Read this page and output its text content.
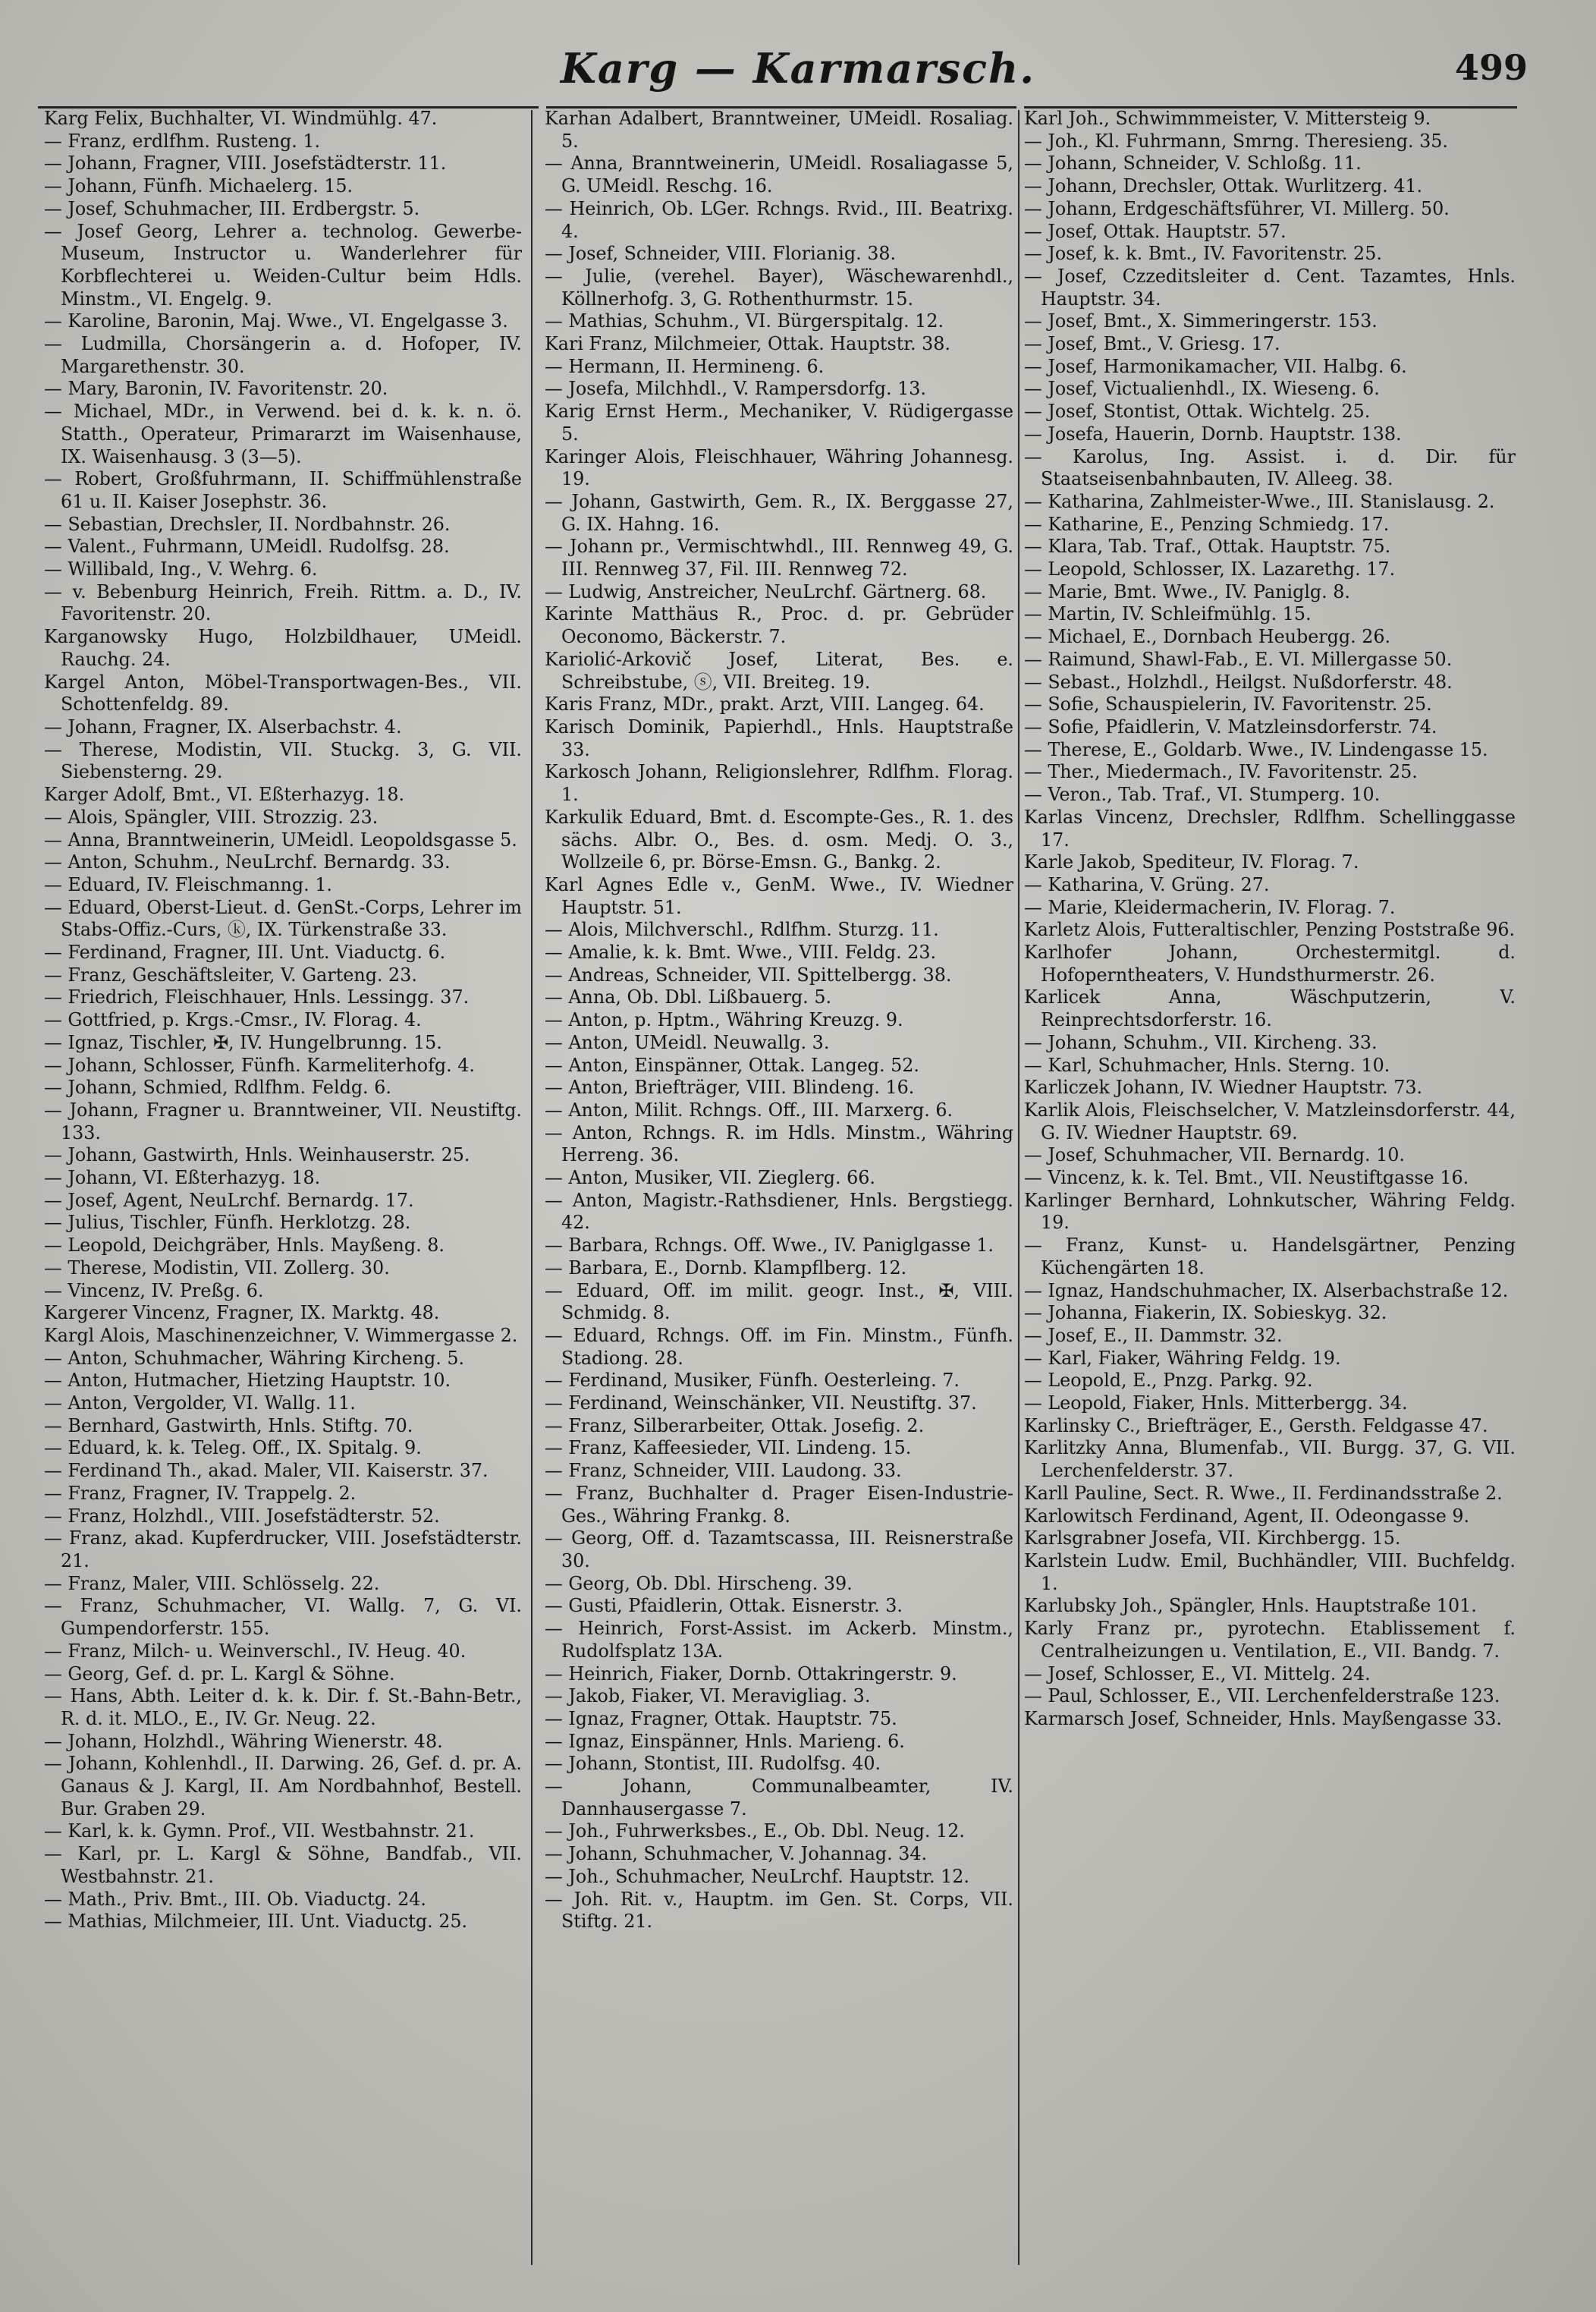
Karg — Karmarsch.	499
Karg Felix, Buchhalter, VI. Windmühlg. 47.
— Franz, erdlfhm. Rusteng. 1.
— Johann, Fragner, VIII. Josefstädterstr. 11.
— Johann, Fünfh. Michaelerg. 15.
— Josef, Schuhmacher, III. Erdbergstr. 5.
— Josef Georg, Lehrer a. technolog. Gewerbe-Museum, Instructor u. Wanderlehrer für Korbflechterei u. Weiden-Cultur beim Hdls. Minstm., VI. Engelg. 9.
— Karoline, Baronin, Maj. Wwe., VI. Engelgasse 3.
— Ludmilla, Chorsängerin a. d. Hofoper, IV. Margarethenstr. 30.
— Mary, Baronin, IV. Favoritenstr. 20.
— Michael, MDr., in Verwend. bei d. k. k. n. ö. Statth., Operateur, Primararzt im Waisenhause, IX. Waisenhausg. 3 (3—5).
— Robert, Großfuhrmann, II. Schiffmühlenstraße 61 u. II. Kaiser Josephstr. 36.
— Sebastian, Drechsler, II. Nordbahnstr. 26.
— Valent., Fuhrmann, UMeidl. Rudolfsg. 28.
— Willibald, Ing., V. Wehrg. 6.
— v. Bebenburg Heinrich, Freih. Rittm. a. D., IV. Favoritenstr. 20.
Karganowsky Hugo, Holzbildhauer, UMeidl. Rauchg. 24.
Kargel Anton, Möbel-Transportwagen-Bes., VII. Schottenfeldg. 89.
— Johann, Fragner, IX. Alserbachstr. 4.
— Therese, Modistin, VII. Stuckg. 3, G. VII. Siebensterng. 29.
Karger Adolf, Bmt., VI. Eßterhazyg. 18.
— Alois, Spängler, VIII. Strozzig. 23.
— Anna, Branntweinerin, UMeidl. Leopoldsgasse 5.
— Anton, Schuhm., NeuLrchf. Bernardg. 33.
— Eduard, IV. Fleischmanng. 1.
— Eduard, Oberst-Lieut. d. GenSt.-Corps, Lehrer im Stabs-Offiz.-Curs, ⓚ, IX. Türkenstraße 33.
— Ferdinand, Fragner, III. Unt. Viaductg. 6.
— Franz, Geschäftsleiter, V. Garteng. 23.
— Friedrich, Fleischhauer, Hnls. Lessingg. 37.
— Gottfried, p. Krgs.-Cmsr., IV. Florag. 4.
— Ignaz, Tischler, ✠, IV. Hungelbrunng. 15.
— Johann, Schlosser, Fünfh. Karmeliterhofg. 4.
— Johann, Schmied, Rdlfhm. Feldg. 6.
— Johann, Fragner u. Branntweiner, VII. Neustiftg. 133.
— Johann, Gastwirth, Hnls. Weinhauserstr. 25.
— Johann, VI. Eßterhazyg. 18.
— Josef, Agent, NeuLrchf. Bernardg. 17.
— Julius, Tischler, Fünfh. Herklotzg. 28.
— Leopold, Deichgräber, Hnls. Mayßeng. 8.
— Therese, Modistin, VII. Zollerg. 30.
— Vincenz, IV. Preßg. 6.
Kargerer Vincenz, Fragner, IX. Marktg. 48.
Kargl Alois, Maschinenzeichner, V. Wimmergasse 2.
— Anton, Schuhmacher, Währing Kircheng. 5.
— Anton, Hutmacher, Hietzing Hauptstr. 10.
— Anton, Vergolder, VI. Wallg. 11.
— Bernhard, Gastwirth, Hnls. Stiftg. 70.
— Eduard, k. k. Teleg. Off., IX. Spitalg. 9.
— Ferdinand Th., akad. Maler, VII. Kaiserstr. 37.
— Franz, Fragner, IV. Trappelg. 2.
— Franz, Holzhdl., VIII. Josefstädterstr. 52.
— Franz, akad. Kupferdrucker, VIII. Josefstädterstr. 21.
— Franz, Maler, VIII. Schlösselg. 22.
— Franz, Schuhmacher, VI. Wallg. 7, G. VI. Gumpendorferstr. 155.
— Franz, Milch- u. Weinverschl., IV. Heug. 40.
— Georg, Gef. d. pr. L. Kargl & Söhne.
— Hans, Abth. Leiter d. k. k. Dir. f. St.-Bahn-Betr., R. d. it. MLO., E., IV. Gr. Neug. 22.
— Johann, Holzhdl., Währing Wienerstr. 48.
— Johann, Kohlenhdl., II. Darwing. 26, Gef. d. pr. A. Ganaus & J. Kargl, II. Am Nordbahnhof, Bestell. Bur. Graben 29.
— Karl, k. k. Gymn. Prof., VII. Westbahnstr. 21.
— Karl, pr. L. Kargl & Söhne, Bandfab., VII. Westbahnstr. 21.
— Math., Priv. Bmt., III. Ob. Viaductg. 24.
— Mathias, Milchmeier, III. Unt. Viaductg. 25.
Karhan Adalbert, Branntweiner, UMeidl. Rosaliag. 5.
— Anna, Branntweinerin, UMeidl. Rosaliagasse 5, G. UMeidl. Reschg. 16.
— Heinrich, Ob. LGer. Rchngs. Rvid., III. Beatrixg. 4.
— Josef, Schneider, VIII. Florianig. 38.
— Julie, (verehel. Bayer), Wäschewarenhdl., Köllnerhofg. 3, G. Rothenthurmstr. 15.
— Mathias, Schuhm., VI. Bürgerspitalg. 12.
Kari Franz, Milchmeier, Ottak. Hauptstr. 38.
— Hermann, II. Hermineng. 6.
— Josefa, Milchhdl., V. Rampersdorfg. 13.
Karig Ernst Herm., Mechaniker, V. Rüdigergasse 5.
Karinger Alois, Fleischhauer, Währing Johannesg. 19.
— Johann, Gastwirth, Gem. R., IX. Berggasse 27, G. IX. Hahng. 16.
— Johann pr., Vermischtwhdl., III. Rennweg 49, G. III. Rennweg 37, Fil. III. Rennweg 72.
— Ludwig, Anstreicher, NeuLrchf. Gärtnerg. 68.
Karinte Matthäus R., Proc. d. pr. Gebrüder Oeconomo, Bäckerstr. 7.
Kariolić-Arkovič Josef, Literat, Bes. e. Schreibstube, ⓢ, VII. Breiteg. 19.
Karis Franz, MDr., prakt. Arzt, VIII. Langeg. 64.
Karisch Dominik, Papierhdl., Hnls. Hauptstraße 33.
Karkosch Johann, Religionslehrer, Rdlfhm. Florag. 1.
Karkulik Eduard, Bmt. d. Escompte-Ges., R. 1. des sächs. Albr. O., Bes. d. osm. Medj. O. 3., Wollzeile 6, pr. Börse-Emsn. G., Bankg. 2.
Karl Agnes Edle v., GenM. Wwe., IV. Wiedner Hauptstr. 51.
— Alois, Milchverschl., Rdlfhm. Sturzg. 11.
— Amalie, k. k. Bmt. Wwe., VIII. Feldg. 23.
— Andreas, Schneider, VII. Spittelbergg. 38.
— Anna, Ob. Dbl. Lißbauerg. 5.
— Anton, p. Hptm., Währing Kreuzg. 9.
— Anton, UMeidl. Neuwallg. 3.
— Anton, Einspänner, Ottak. Langeg. 52.
— Anton, Briefträger, VIII. Blindeng. 16.
— Anton, Milit. Rchngs. Off., III. Marxerg. 6.
— Anton, Rchngs. R. im Hdls. Minstm., Währing Herreng. 36.
— Anton, Musiker, VII. Zieglerg. 66.
— Anton, Magistr.-Rathsdiener, Hnls. Bergstiegg. 42.
— Barbara, Rchngs. Off. Wwe., IV. Paniglgasse 1.
— Barbara, E., Dornb. Klampflberg. 12.
— Eduard, Off. im milit. geogr. Inst., ✠, VIII. Schmidg. 8.
— Eduard, Rchngs. Off. im Fin. Minstm., Fünfh. Stadiong. 28.
— Ferdinand, Musiker, Fünfh. Oesterleing. 7.
— Ferdinand, Weinschänker, VII. Neustiftg. 37.
— Franz, Silberarbeiter, Ottak. Josefig. 2.
— Franz, Kaffeesieder, VII. Lindeng. 15.
— Franz, Schneider, VIII. Laudong. 33.
— Franz, Buchhalter d. Prager Eisen-Industrie-Ges., Währing Frankg. 8.
— Georg, Off. d. Tazamtscassa, III. Reisnerstraße 30.
— Georg, Ob. Dbl. Hirscheng. 39.
— Gusti, Pfaidlerin, Ottak. Eisnerstr. 3.
— Heinrich, Forst-Assist. im Ackerb. Minstm., Rudolfsplatz 13A.
— Heinrich, Fiaker, Dornb. Ottakringerstr. 9.
— Jakob, Fiaker, VI. Meravigliag. 3.
— Ignaz, Fragner, Ottak. Hauptstr. 75.
— Ignaz, Einspänner, Hnls. Marieng. 6.
— Johann, Stontist, III. Rudolfsg. 40.
— Johann, Communalbeamter, IV. Dannhausergasse 7.
— Joh., Fuhrwerksbes., E., Ob. Dbl. Neug. 12.
— Johann, Schuhmacher, V. Johannag. 34.
— Joh., Schuhmacher, NeuLrchf. Hauptstr. 12.
— Joh. Rit. v., Hauptm. im Gen. St. Corps, VII. Stiftg. 21.
Karl Joh., Schwimmmeister, V. Mittersteig 9.
— Joh., Kl. Fuhrmann, Smrng. Theresieng. 35.
— Johann, Schneider, V. Schloßg. 11.
— Johann, Drechsler, Ottak. Wurlitzerg. 41.
— Johann, Erdgeschäftsführer, VI. Millerg. 50.
— Josef, Ottak. Hauptstr. 57.
— Josef, k. k. Bmt., IV. Favoritenstr. 25.
— Josef, Czzeditsleiter d. Cent. Tazamtes, Hnls. Hauptstr. 34.
— Josef, Bmt., X. Simmeringerstr. 153.
— Josef, Bmt., V. Griesg. 17.
— Josef, Harmonikamacher, VII. Halbg. 6.
— Josef, Victualienhdl., IX. Wieseng. 6.
— Josef, Stontist, Ottak. Wichtelg. 25.
— Josefa, Hauerin, Dornb. Hauptstr. 138.
— Karolus, Ing. Assist. i. d. Dir. für Staatseisenbahnbauten, IV. Alleeg. 38.
— Katharina, Zahlmeister-Wwe., III. Stanislausg. 2.
— Katharine, E., Penzing Schmiedg. 17.
— Klara, Tab. Traf., Ottak. Hauptstr. 75.
— Leopold, Schlosser, IX. Lazarethg. 17.
— Marie, Bmt. Wwe., IV. Paniglg. 8.
— Martin, IV. Schleifmühlg. 15.
— Michael, E., Dornbach Heubergg. 26.
— Raimund, Shawl-Fab., E. VI. Millergasse 50.
— Sebast., Holzhdl., Heilgst. Nußdorferstr. 48.
— Sofie, Schauspielerin, IV. Favoritenstr. 25.
— Sofie, Pfaidlerin, V. Matzleinsdorferstr. 74.
— Therese, E., Goldarb. Wwe., IV. Lindengasse 15.
— Ther., Miedermach., IV. Favoritenstr. 25.
— Veron., Tab. Traf., VI. Stumperg. 10.
Karlas Vincenz, Drechsler, Rdlfhm. Schellinggasse 17.
Karle Jakob, Spediteur, IV. Florag. 7.
— Katharina, V. Grüng. 27.
— Marie, Kleidermacherin, IV. Florag. 7.
Karletz Alois, Futteraltischler, Penzing Poststraße 96.
Karlhofer Johann, Orchestermitgl. d. Hofoperntheaters, V. Hundsthurmerstr. 26.
Karlicek Anna, Wäschputzerin, V. Reinprechtsdorferstr. 16.
— Johann, Schuhm., VII. Kircheng. 33.
— Karl, Schuhmacher, Hnls. Sterng. 10.
Karliczek Johann, IV. Wiedner Hauptstr. 73.
Karlik Alois, Fleischselcher, V. Matzleinsdorferstr. 44, G. IV. Wiedner Hauptstr. 69.
— Josef, Schuhmacher, VII. Bernardg. 10.
— Vincenz, k. k. Tel. Bmt., VII. Neustiftgasse 16.
Karlinger Bernhard, Lohnkutscher, Währing Feldg. 19.
— Franz, Kunst- u. Handelsgärtner, Penzing Küchengärten 18.
— Ignaz, Handschuhmacher, IX. Alserbachstraße 12.
— Johanna, Fiakerin, IX. Sobieskyg. 32.
— Josef, E., II. Dammstr. 32.
— Karl, Fiaker, Währing Feldg. 19.
— Leopold, E., Pnzg. Parkg. 92.
— Leopold, Fiaker, Hnls. Mitterbergg. 34.
Karlinsky C., Briefträger, E., Gersth. Feldgasse 47.
Karlitzky Anna, Blumenfab., VII. Burgg. 37, G. VII. Lerchenfelderstr. 37.
Karll Pauline, Sect. R. Wwe., II. Ferdinandsstraße 2.
Karlowitsch Ferdinand, Agent, II. Odeongasse 9.
Karlsgrabner Josefa, VII. Kirchbergg. 15.
Karlstein Ludw. Emil, Buchhändler, VIII. Buchfeldg. 1.
Karlubsky Joh., Spängler, Hnls. Hauptstraße 101.
Karly Franz pr., pyrotechn. Etablissement f. Centralheizungen u. Ventilation, E., VII. Bandg. 7.
— Josef, Schlosser, E., VI. Mittelg. 24.
— Paul, Schlosser, E., VII. Lerchenfelderstraße 123.
Karmarsch Josef, Schneider, Hnls. Mayßengasse 33.
